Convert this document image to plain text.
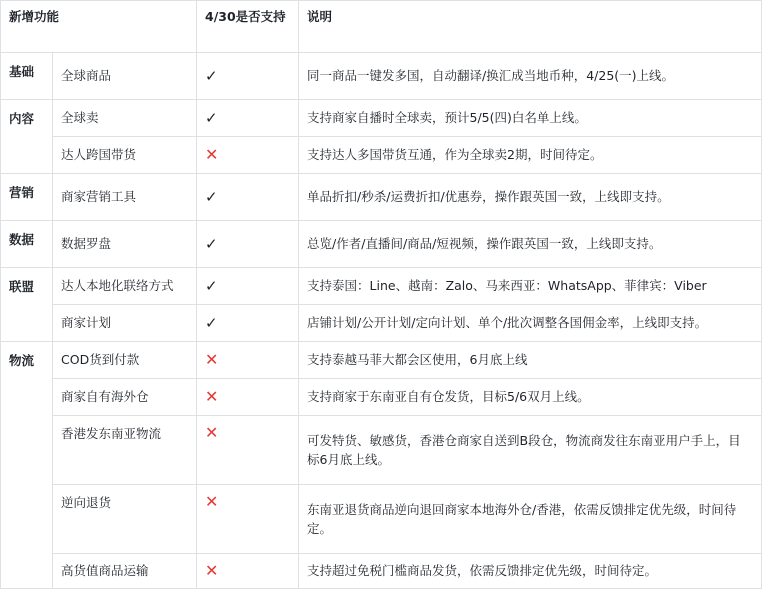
新增功能		4/30是否支持	说明
基础	全球商品	✓	同一商品一键发多国，自动翻译/换汇成当地币种，4/25(一)上线。
内容	全球卖	✓	支持商家自播时全球卖，预计5/5(四)白名单上线。
	达人跨国带货	✕	支持达人多国带货互通，作为全球卖2期，时间待定。
营销	商家营销工具	✓	单品折扣/秒杀/运费折扣/优惠券，操作跟英国一致，上线即支持。
数据	数据罗盘	✓	总览/作者/直播间/商品/短视频，操作跟英国一致，上线即支持。
联盟	达人本地化联络方式	✓	支持泰国：Line、越南：Zalo、马来西亚：WhatsApp、菲律宾：Viber
	商家计划	✓	店铺计划/公开计划/定向计划、单个/批次调整各国佣金率，上线即支持。
物流	COD货到付款	✕	支持泰越马菲大都会区使用，6月底上线
	商家自有海外仓	✕	支持商家于东南亚自有仓发货，目标5/6双月上线。
	香港发东南亚物流	✕	可发特货、敏感货，香港仓商家自送到B段仓，物流商发往东南亚用户手上，目标6月底上线。
	逆向退货	✕	东南亚退货商品逆向退回商家本地海外仓/香港，依需反馈排定优先级，时间待定。
	高货值商品运输	✕	支持超过免税门槛商品发货，依需反馈排定优先级，时间待定。
